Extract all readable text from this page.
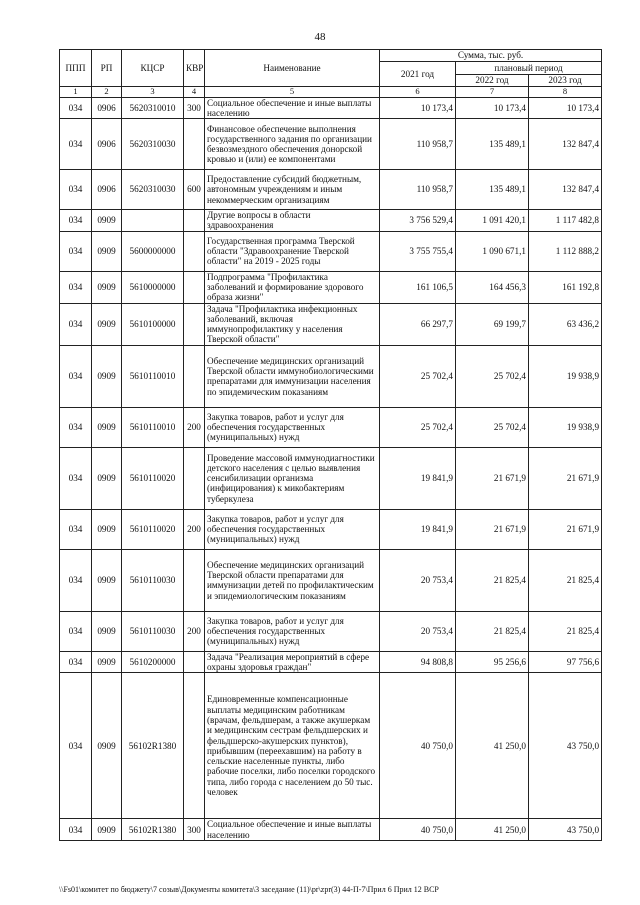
48
ППП	РП	КЦСР	КВР	Наименование	Сумма, тыс. руб.		
					2021 год	плановый период	
						2022 год	2023 год
1	2	3	4	5	6	7	8
034	0906	5620310010	300	Социальное обеспечение и иные выплаты населению	10 173,4	10 173,4	10 173,4
034	0906	5620310030		Финансовое обеспечение выполнения государственного задания по организации безвозмездного обеспечения донорской кровью и (или) ее компонентами	110 958,7	135 489,1	132 847,4
034	0906	5620310030	600	Предоставление субсидий бюджетным, автономным учреждениям и иным некоммерческим организациям	110 958,7	135 489,1	132 847,4
034	0909			Другие вопросы в области здравоохранения	3 756 529,4	1 091 420,1	1 117 482,8
034	0909	5600000000		Государственная программа Тверской области "Здравоохранение Тверской области" на 2019 - 2025 годы	3 755 755,4	1 090 671,1	1 112 888,2
034	0909	5610000000		Подпрограмма "Профилактика заболеваний и формирование здорового образа жизни"	161 106,5	164 456,3	161 192,8
034	0909	5610100000		Задача "Профилактика инфекционных заболеваний, включая иммунопрофилактику у населения Тверской области"	66 297,7	69 199,7	63 436,2
034	0909	5610110010		Обеспечение медицинских организаций Тверской области иммунобиологическими препаратами для иммунизации населения по эпидемическим показаниям	25 702,4	25 702,4	19 938,9
034	0909	5610110010	200	Закупка товаров, работ и услуг для обеспечения государственных (муниципальных) нужд	25 702,4	25 702,4	19 938,9
034	0909	5610110020		Проведение массовой иммунодиагностики детского населения с целью выявления сенсибилизации организма (инфицирования) к микобактериям туберкулеза	19 841,9	21 671,9	21 671,9
034	0909	5610110020	200	Закупка товаров, работ и услуг для обеспечения государственных (муниципальных) нужд	19 841,9	21 671,9	21 671,9
034	0909	5610110030		Обеспечение медицинских организаций Тверской области препаратами для иммунизации детей по профилактическим и эпидемиологическим показаниям	20 753,4	21 825,4	21 825,4
034	0909	5610110030	200	Закупка товаров, работ и услуг для обеспечения государственных (муниципальных) нужд	20 753,4	21 825,4	21 825,4
034	0909	5610200000		Задача "Реализация мероприятий в сфере охраны здоровья граждан"	94 808,8	95 256,6	97 756,6
034	0909	56102R1380		Единовременные компенсационные выплаты медицинским работникам (врачам, фельдшерам, а также акушеркам и медицинским сестрам фельдшерских и фельдшерско-акушерских пунктов), прибывшим (переехавшим) на работу в сельские населенные пункты, либо рабочие поселки, либо поселки городского типа, либо города с населением до 50 тыс. человек	40 750,0	41 250,0	43 750,0
034	0909	56102R1380	300	Социальное обеспечение и иные выплаты населению	40 750,0	41 250,0	43 750,0
\\Fs01\комитет по бюджету\7 созыв\Документы комитета\3 заседание (11)\pr\zpr(3) 44-П-7\Прил 6 Прил 12 ВСР
